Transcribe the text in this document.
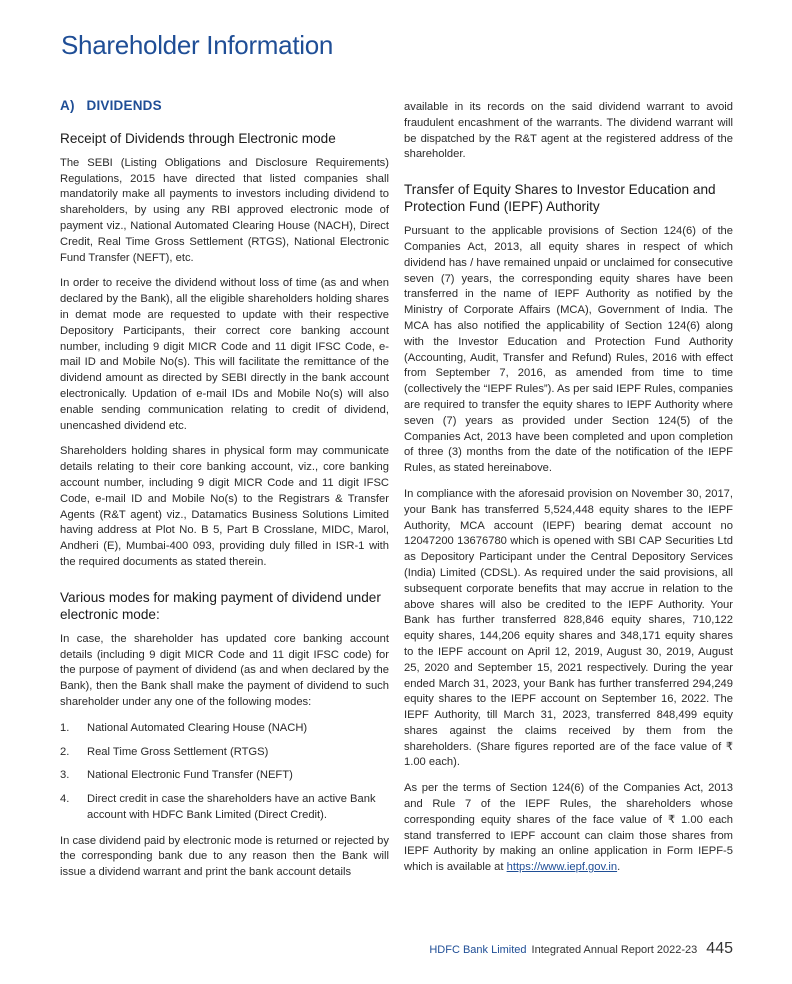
Shareholder Information
A)   DIVIDENDS
Receipt of Dividends through Electronic mode

The SEBI (Listing Obligations and Disclosure Requirements) Regulations, 2015 have directed that listed companies shall mandatorily make all payments to investors including dividend to shareholders, by using any RBI approved electronic mode of payment viz., National Automated Clearing House (NACH), Direct Credit, Real Time Gross Settlement (RTGS), National Electronic Fund Transfer (NEFT), etc.

In order to receive the dividend without loss of time (as and when declared by the Bank), all the eligible shareholders holding shares in demat mode are requested to update with their respective Depository Participants, their correct core banking account number, including 9 digit MICR Code and 11 digit IFSC Code, e-mail ID and Mobile No(s). This will facilitate the remittance of the dividend amount as directed by SEBI directly in the bank account electronically. Updation of e-mail IDs and Mobile No(s) will also enable sending communication relating to credit of dividend, unencashed dividend etc.

Shareholders holding shares in physical form may communicate details relating to their core banking account, viz., core banking account number, including 9 digit MICR Code and 11 digit IFSC Code, e-mail ID and Mobile No(s) to the Registrars & Transfer Agents (R&T agent) viz., Datamatics Business Solutions Limited having address at Plot No. B 5, Part B Crosslane, MIDC, Marol, Andheri (E), Mumbai-400 093, providing duly filled in ISR-1 with the required documents as stated therein.

Various modes for making payment of dividend under electronic mode:

In case, the shareholder has updated core banking account details (including 9 digit MICR Code and 11 digit IFSC code) for the purpose of payment of dividend (as and when declared by the Bank), then the Bank shall make the payment of dividend to such shareholder under any one of the following modes:

1.	National Automated Clearing House (NACH)
2.	Real Time Gross Settlement (RTGS)
3.	National Electronic Fund Transfer (NEFT)
4.	Direct credit in case the shareholders have an active Bank account with HDFC Bank Limited (Direct Credit).

In case dividend paid by electronic mode is returned or rejected by the corresponding bank due to any reason then the Bank will issue a dividend warrant and print the bank account details

available in its records on the said dividend warrant to avoid fraudulent encashment of the warrants. The dividend warrant will be dispatched by the R&T agent at the registered address of the shareholder.

Transfer of Equity Shares to Investor Education and Protection Fund (IEPF) Authority

Pursuant to the applicable provisions of Section 124(6) of the Companies Act, 2013, all equity shares in respect of which dividend has / have remained unpaid or unclaimed for consecutive seven (7) years, the corresponding equity shares have been transferred in the name of IEPF Authority as notified by the Ministry of Corporate Affairs (MCA), Government of India. The MCA has also notified the applicability of Section 124(6) along with the Investor Education and Protection Fund Authority (Accounting, Audit, Transfer and Refund) Rules, 2016 with effect from September 7, 2016, as amended from time to time (collectively the “IEPF Rules”). As per said IEPF Rules, companies are required to transfer the equity shares to IEPF Authority where seven (7) years as provided under Section 124(5) of the Companies Act, 2013 have been completed and upon completion of three (3) months from the date of the notification of the IEPF Rules, as stated hereinabove.

In compliance with the aforesaid provision on November 30, 2017, your Bank has transferred 5,524,448 equity shares to the IEPF Authority, MCA account (IEPF) bearing demat account no 12047200 13676780 which is opened with SBI CAP Securities Ltd as Depository Participant under the Central Depository Services (India) Limited (CDSL). As required under the said provisions, all subsequent corporate benefits that may accrue in relation to the above shares will also be credited to the IEPF Authority. Your Bank has further transferred 828,846 equity shares, 710,122 equity shares, 144,206 equity shares and 348,171 equity shares to the IEPF account on April 12, 2019, August 30, 2019, August 25, 2020 and September 15, 2021 respectively. During the year ended March 31, 2023, your Bank has further transferred 294,249 equity shares to the IEPF account on September 16, 2022. The IEPF Authority, till March 31, 2023, transferred 848,499 equity shares against the claims received by them from the shareholders. (Share figures reported are of the face value of ₹ 1.00 each).

As per the terms of Section 124(6) of the Companies Act, 2013 and Rule 7 of the IEPF Rules, the shareholders whose corresponding equity shares of the face value of ₹ 1.00 each stand transferred to IEPF account can claim those shares from IEPF Authority by making an online application in Form IEPF-5 which is available at https://www.iepf.gov.in.

HDFC Bank Limited Integrated Annual Report 2022-23 445
